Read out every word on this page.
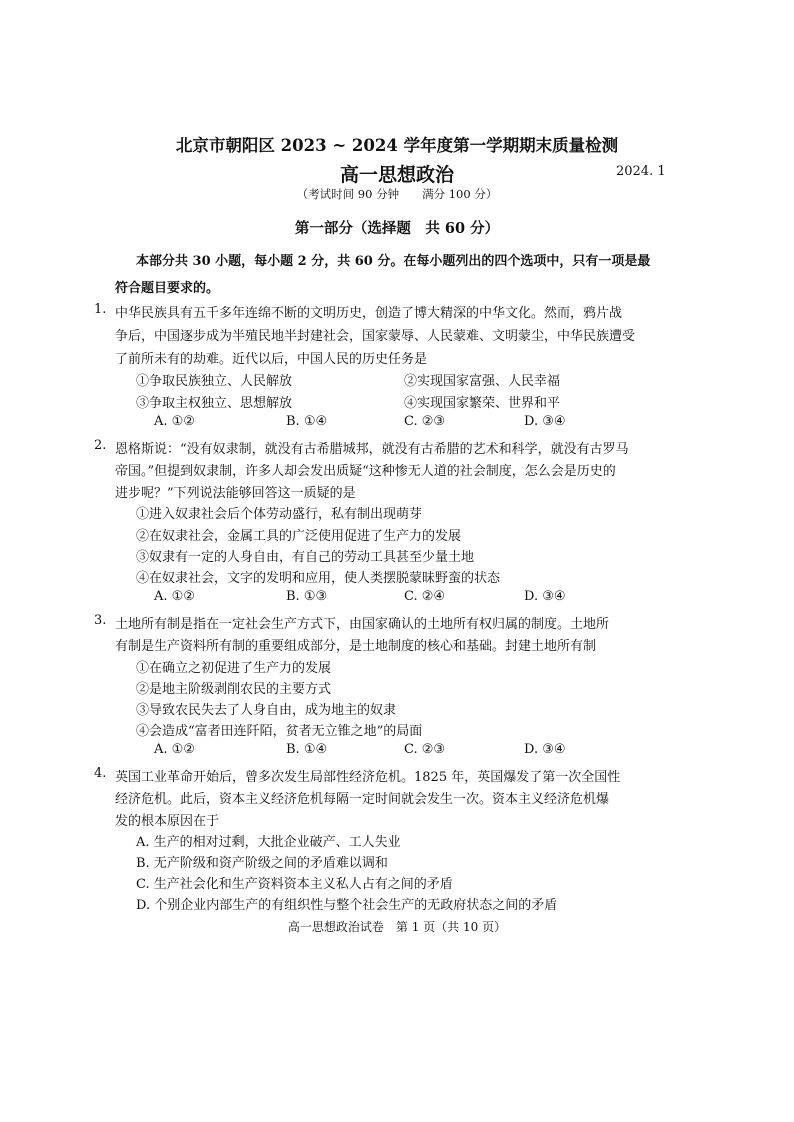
北京市朝阳区 2023 ~ 2024 学年度第一学期期末质量检测
高一思想政治	2024. 1
（考试时间 90 分钟　　满分 100 分）
第一部分（选择题　共 60 分）
本部分共 30 小题，每小题 2 分，共 60 分。在每小题列出的四个选项中，只有一项是最
符合题目要求的。
1. 中华民族具有五千多年连绵不断的文明历史，创造了博大精深的中华文化。然而，鸦片战
争后，中国逐步成为半殖民地半封建社会，国家蒙辱、人民蒙难、文明蒙尘，中华民族遭受
了前所未有的劫难。近代以后，中国人民的历史任务是
①争取民族独立、人民解放	②实现国家富强、人民幸福
③争取主权独立、思想解放	④实现国家繁荣、世界和平
A. ①②	B. ①④	C. ②③	D. ③④
2. 恩格斯说：“没有奴隶制，就没有古希腊城邦，就没有古希腊的艺术和科学，就没有古罗马
帝国。”但提到奴隶制，许多人却会发出质疑“这种惨无人道的社会制度，怎么会是历史的
进步呢？”下列说法能够回答这一质疑的是
①进入奴隶社会后个体劳动盛行，私有制出现萌芽
②在奴隶社会，金属工具的广泛使用促进了生产力的发展
③奴隶有一定的人身自由，有自己的劳动工具甚至少量土地
④在奴隶社会，文字的发明和应用，使人类摆脱蒙昧野蛮的状态
A. ①②	B. ①③	C. ②④	D. ③④
3. 土地所有制是指在一定社会生产方式下，由国家确认的土地所有权归属的制度。土地所
有制是生产资料所有制的重要组成部分，是土地制度的核心和基础。封建土地所有制
①在确立之初促进了生产力的发展
②是地主阶级剥削农民的主要方式
③导致农民失去了人身自由，成为地主的奴隶
④会造成“富者田连阡陌，贫者无立锥之地”的局面
A. ①②	B. ①④	C. ②③	D. ③④
4. 英国工业革命开始后，曾多次发生局部性经济危机。1825 年，英国爆发了第一次全国性
经济危机。此后，资本主义经济危机每隔一定时间就会发生一次。资本主义经济危机爆
发的根本原因在于
A. 生产的相对过剩，大批企业破产、工人失业
B. 无产阶级和资产阶级之间的矛盾难以调和
C. 生产社会化和生产资料资本主义私人占有之间的矛盾
D. 个别企业内部生产的有组织性与整个社会生产的无政府状态之间的矛盾
高一思想政治试卷　第 1 页（共 10 页）
